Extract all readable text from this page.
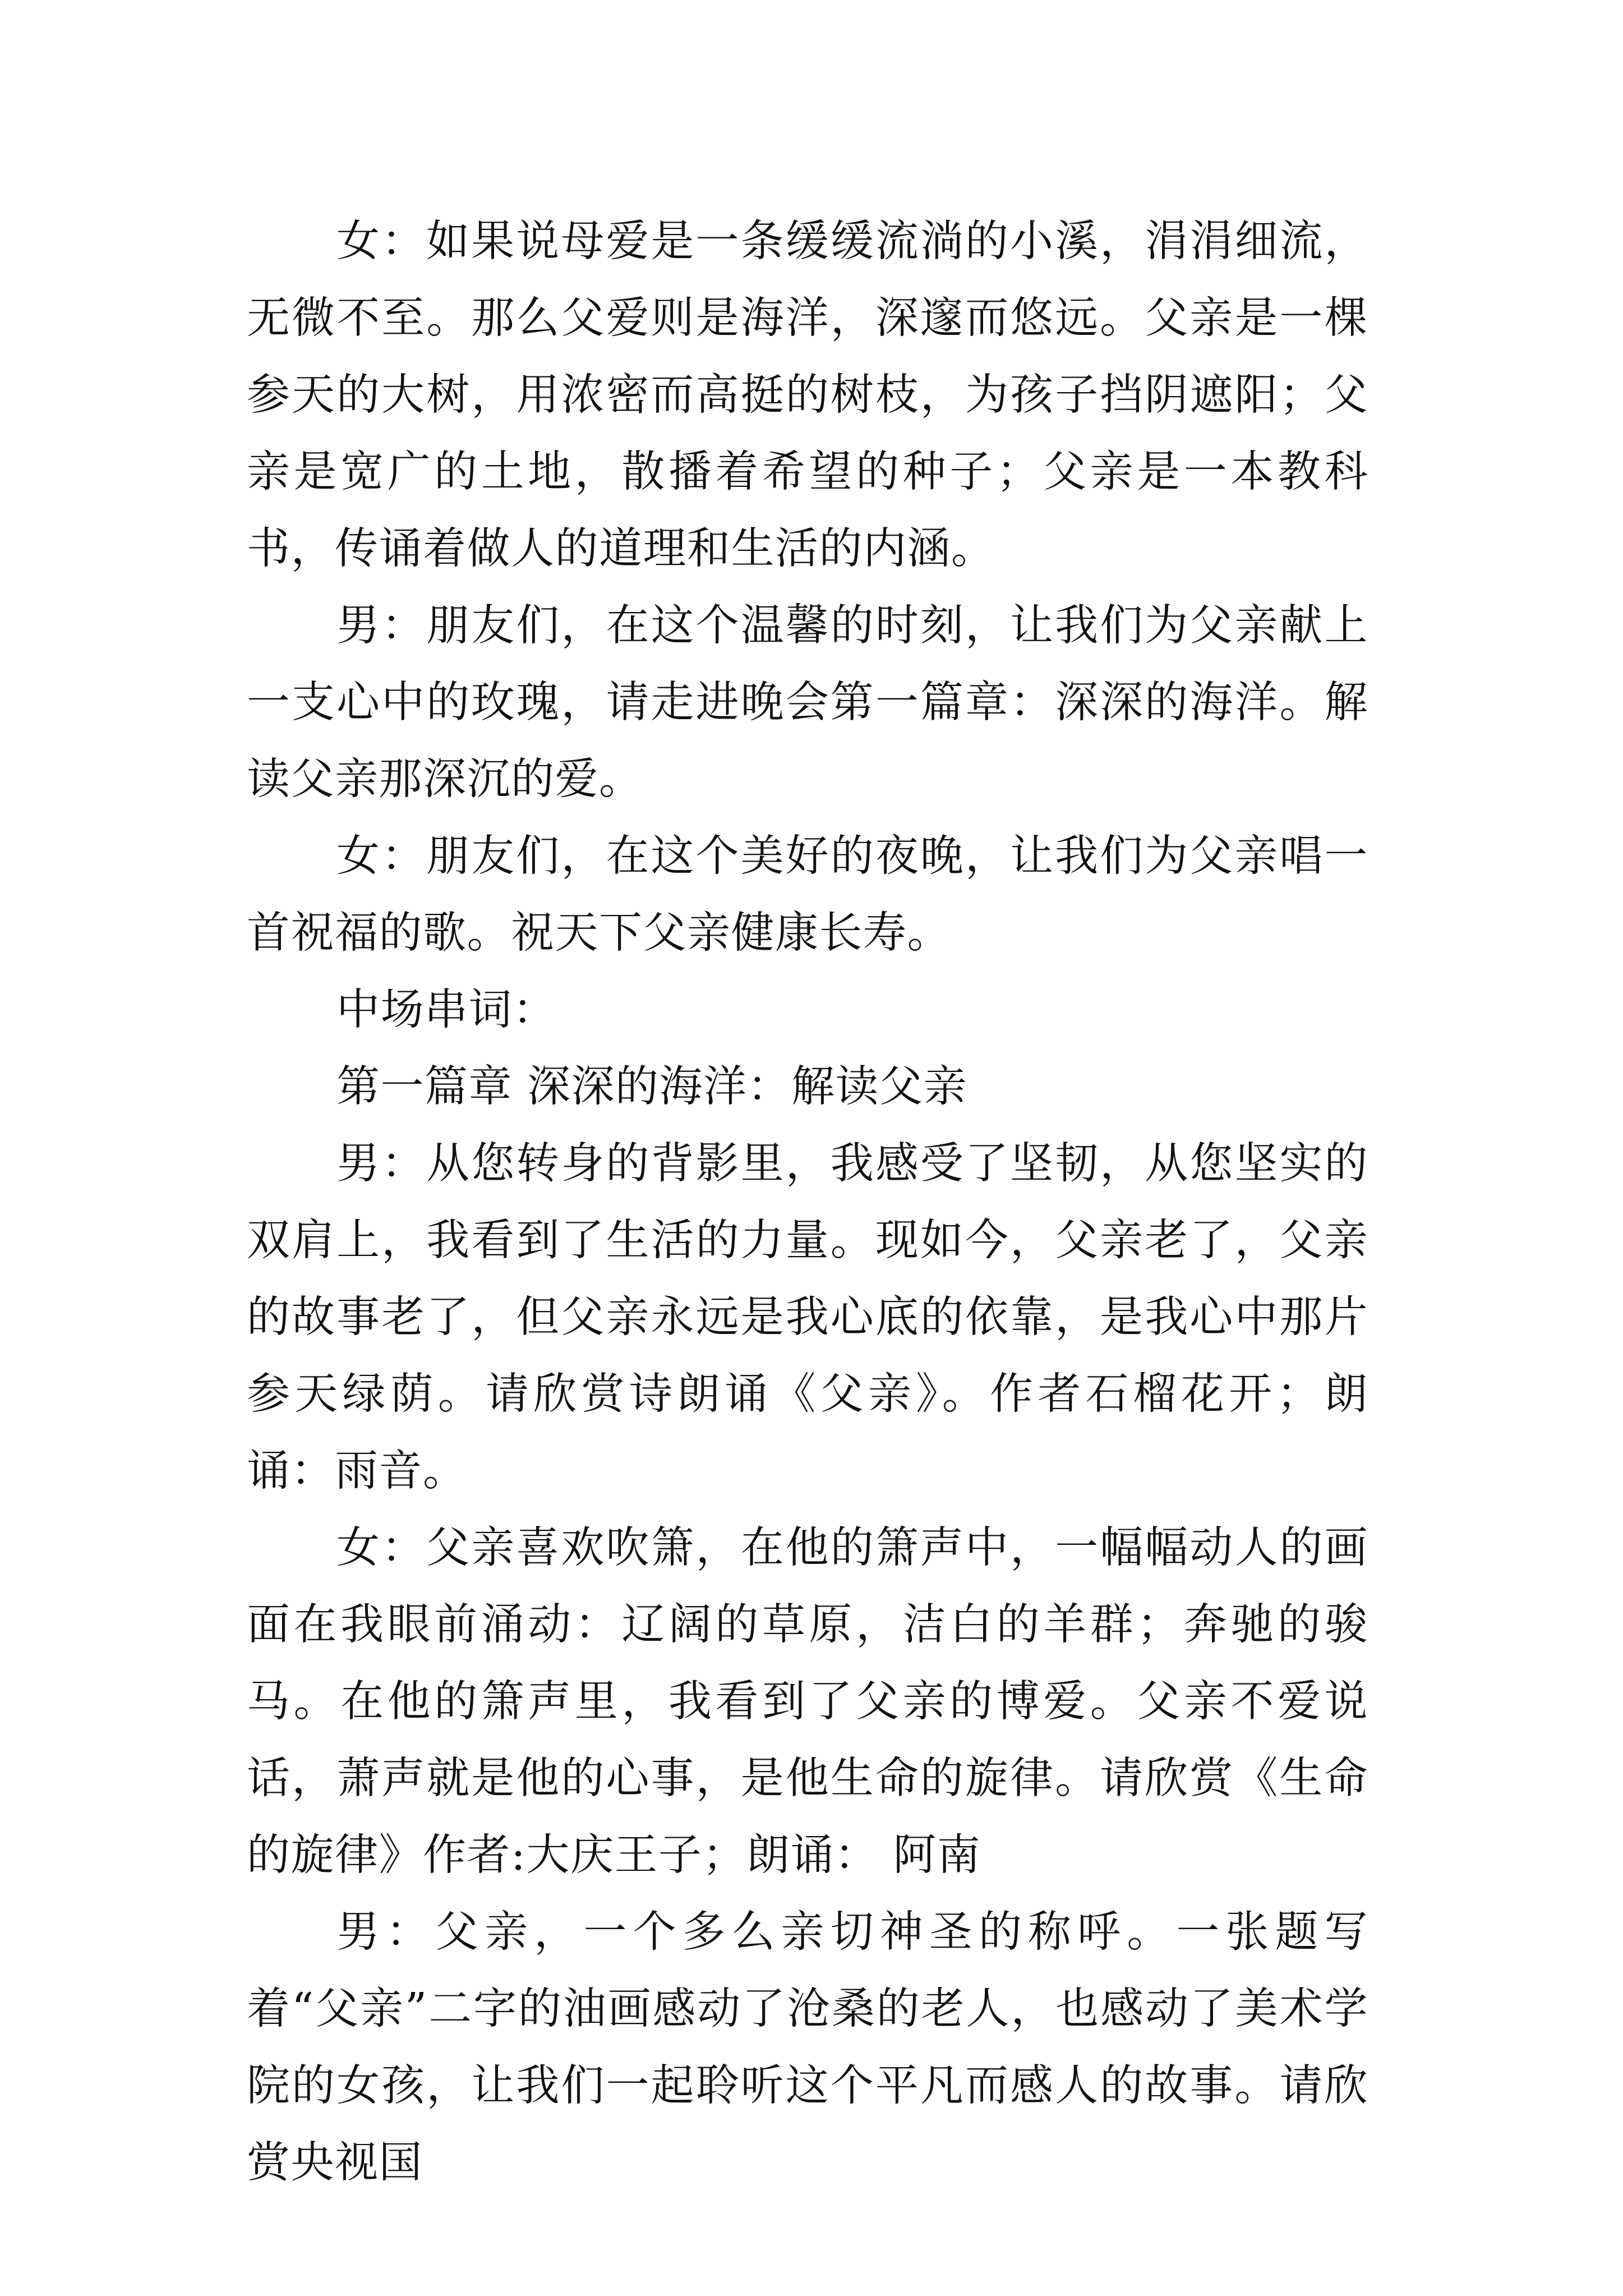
女：如果说母爱是一条缓缓流淌的小溪，涓涓细流，无微不至。那么父爱则是海洋，深邃而悠远。父亲是一棵参天的大树，用浓密而高挺的树枝，为孩子挡阴遮阳；父亲是宽广的土地，散播着希望的种子；父亲是一本教科书，传诵着做人的道理和生活的内涵。

男：朋友们，在这个温馨的时刻，让我们为父亲献上一支心中的玫瑰，请走进晚会第一篇章：深深的海洋。解读父亲那深沉的爱。

女：朋友们，在这个美好的夜晚，让我们为父亲唱一首祝福的歌。祝天下父亲健康长寿。

中场串词：

第一篇章 深深的海洋：解读父亲

男：从您转身的背影里，我感受了坚韧，从您坚实的双肩上，我看到了生活的力量。现如今，父亲老了，父亲的故事老了，但父亲永远是我心底的依靠，是我心中那片参天绿荫。请欣赏诗朗诵《父亲》。作者石榴花开；朗诵：雨音。

女：父亲喜欢吹箫，在他的箫声中，一幅幅动人的画面在我眼前涌动：辽阔的草原，洁白的羊群；奔驰的骏马。在他的箫声里，我看到了父亲的博爱。父亲不爱说话，萧声就是他的心事，是他生命的旋律。请欣赏《生命的旋律》作者:大庆王子；朗诵： 阿南

男：父亲，一个多么亲切神圣的称呼。一张题写着“父亲”二字的油画感动了沧桑的老人，也感动了美术学院的女孩，让我们一起聆听这个平凡而感人的故事。请欣赏央视国
